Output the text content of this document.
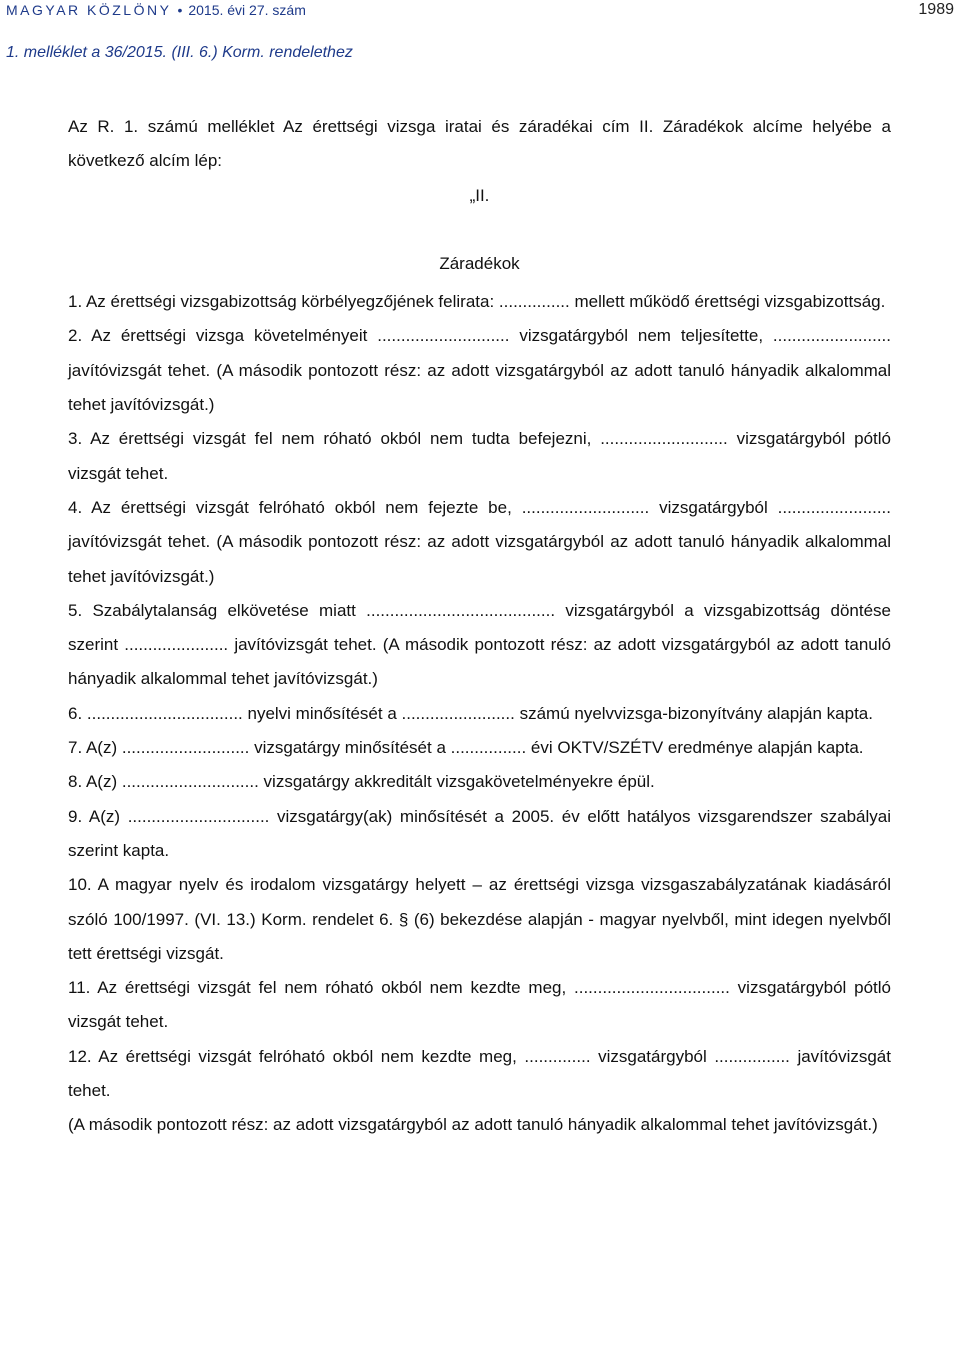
MAGYAR KÖZLÖNY • 2015. évi 27. szám	1989
1. melléklet a 36/2015. (III. 6.) Korm. rendelethez

Az R. 1. számú melléklet Az érettségi vizsga iratai és záradékai cím II. Záradékok alcíme helyébe a következő alcím lép:

„II.

Záradékok

1. Az érettségi vizsgabizottság körbélyegzőjének felirata: ............... mellett működő érettségi vizsgabizottság.

2. Az érettségi vizsga követelményeit ............................ vizsgatárgyból nem teljesítette, ......................... javítóvizsgát tehet. (A második pontozott rész: az adott vizsgatárgyból az adott tanuló hányadik alkalommal tehet javítóvizsgát.)

3. Az érettségi vizsgát fel nem róható okból nem tudta befejezni, ........................... vizsgatárgyból pótló vizsgát tehet.

4. Az érettségi vizsgát felróható okból nem fejezte be, ........................... vizsgatárgyból ........................ javítóvizsgát tehet. (A második pontozott rész: az adott vizsgatárgyból az adott tanuló hányadik alkalommal tehet javítóvizsgát.)

5. Szabálytalanság elkövetése miatt ........................................ vizsgatárgyból a vizsgabizottság döntése szerint ...................... javítóvizsgát tehet. (A második pontozott rész: az adott vizsgatárgyból az adott tanuló hányadik alkalommal tehet javítóvizsgát.)

6. ................................. nyelvi minősítését a ........................ számú nyelvvizsga-bizonyítvány alapján kapta.

7. A(z) ........................... vizsgatárgy minősítését a ................ évi OKTV/SZÉTV eredménye alapján kapta.

8. A(z) ............................. vizsgatárgy akkreditált vizsgakövetelményekre épül.

9. A(z) .............................. vizsgatárgy(ak) minősítését a 2005. év előtt hatályos vizsgarendszer szabályai szerint kapta.

10. A magyar nyelv és irodalom vizsgatárgy helyett – az érettségi vizsga vizsgaszabályzatának kiadásáról szóló 100/1997. (VI. 13.) Korm. rendelet 6. § (6) bekezdése alapján - magyar nyelvből, mint idegen nyelvből tett érettségi vizsgát.

11. Az érettségi vizsgát fel nem róható okból nem kezdte meg, ................................. vizsgatárgyból pótló vizsgát tehet.

12. Az érettségi vizsgát felróható okból nem kezdte meg, .............. vizsgatárgyból ................ javítóvizsgát tehet.

(A második pontozott rész: az adott vizsgatárgyból az adott tanuló hányadik alkalommal tehet javítóvizsgát.)
